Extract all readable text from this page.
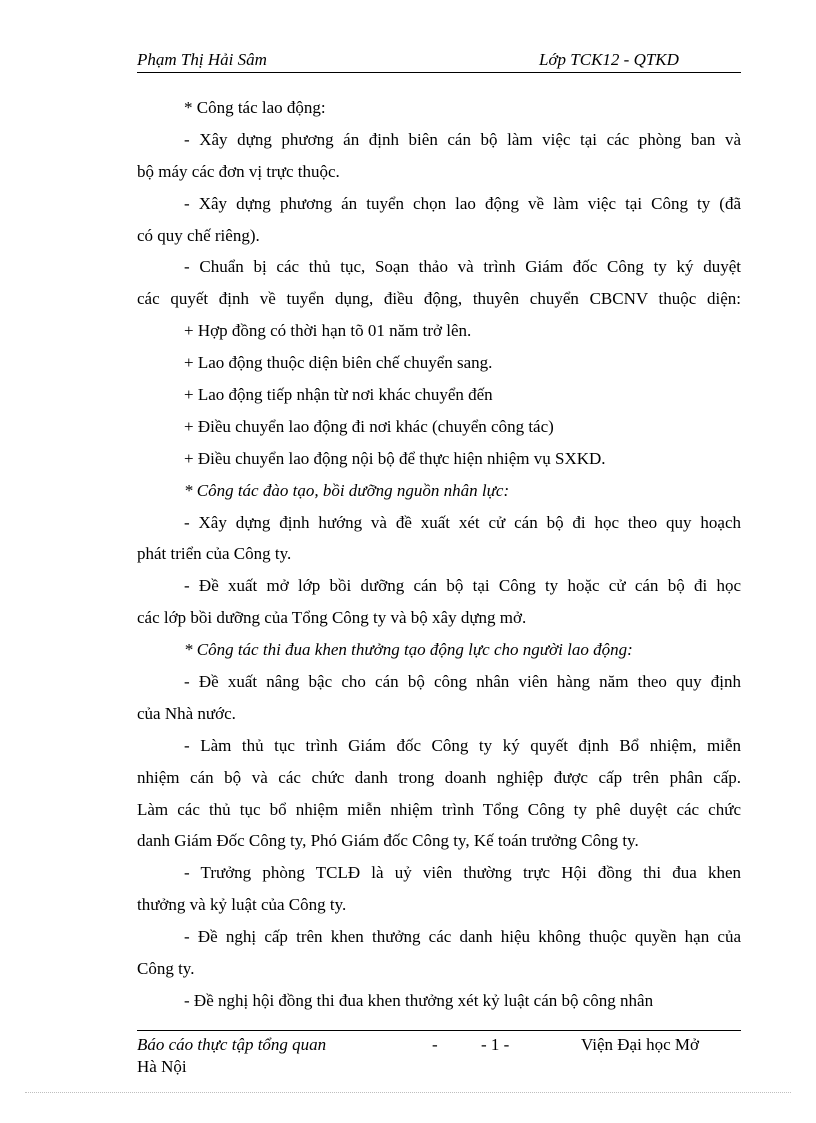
Phạm Thị Hải Sâm	Lớp TCK12 - QTKD
* Công tác lao động:
- Xây dựng phương án định biên cán bộ làm việc tại các phòng ban và
bộ máy các đơn vị trực thuộc.
- Xây dựng phương án tuyển chọn lao động về làm việc tại Công ty (đã
có quy chế riêng).
- Chuẩn bị các thủ tục, Soạn thảo và trình Giám đốc Công ty ký duyệt
các quyết định về tuyển dụng, điều động, thuyên chuyển CBCNV thuộc diện:
+ Hợp đồng có thời hạn tõ 01 năm trở lên.
+ Lao động thuộc diện biên chế chuyển sang.
+ Lao động tiếp nhận từ nơi khác chuyển đến
+ Điều chuyển lao động đi nơi khác (chuyển công tác)
+ Điều chuyển lao động nội bộ để thực hiện nhiệm vụ SXKD.
* Công tác đào tạo, bồi dưỡng nguồn nhân lực:
- Xây dựng định hướng và đề xuất xét cử cán bộ đi học theo quy hoạch
phát triển của Công ty.
- Đề xuất mở lớp bồi dưỡng cán bộ tại Công ty hoặc cử cán bộ đi học
các lớp bồi dưỡng của Tổng Công ty và bộ xây dựng mở.
* Công tác thi đua khen thưởng tạo động lực cho người lao động:
- Đề xuất nâng bậc cho cán bộ công nhân viên hàng năm theo quy định
của Nhà nước.
- Làm thủ tục trình Giám đốc Công ty ký quyết định Bổ nhiệm, miễn
nhiệm cán bộ và các chức danh trong doanh nghiệp được cấp trên phân cấp.
Làm các thủ tục bổ nhiệm miễn nhiệm trình Tổng Công ty phê duyệt các chức
danh Giám Đốc Công ty, Phó Giám đốc Công ty, Kế toán trưởng Công ty.
- Trưởng phòng TCLĐ là uỷ viên thường trực Hội đồng thi đua khen
thưởng và kỷ luật của Công ty.
- Đề nghị cấp trên khen thưởng các danh hiệu không thuộc quyền hạn của
Công ty.
- Đề nghị hội đồng thi đua khen thưởng xét kỷ luật cán bộ công nhân
Báo cáo thực tập tổng quan	-	- 1 -	Viện Đại học Mở
Hà Nội
